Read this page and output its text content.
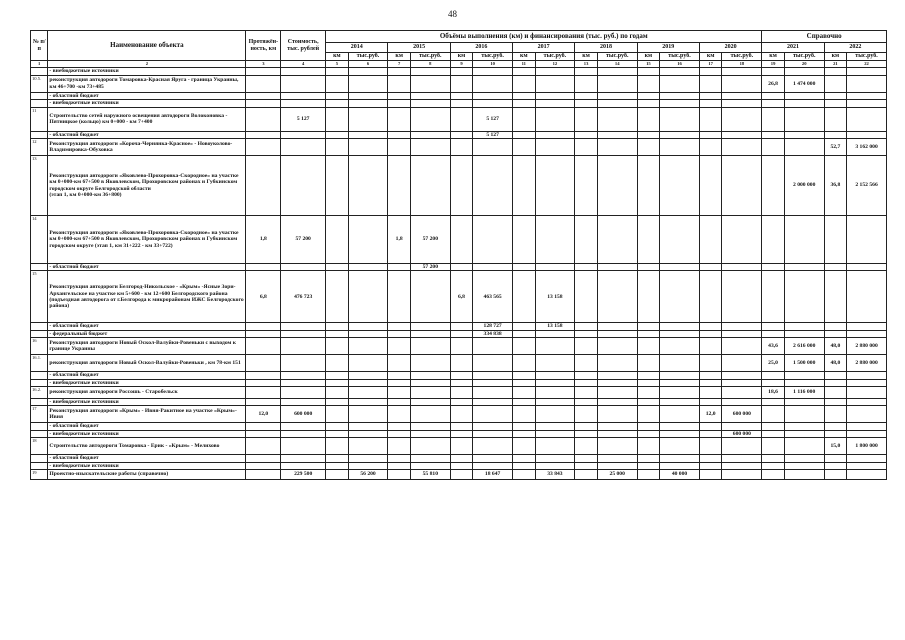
48
№ п/п	Наименование объекта	Протяжён-ность, км	Стоимость, тыс. рублей	Объёмы выполнения (км) и финансирования (тыс. руб.) по годам														Справочно			
				2014		2015		2016		2017		2018		2019		2020		2021		2022	
				км	тыс.руб.	км	тыс.руб.	км	тыс.руб.	км	тыс.руб.	км	тыс.руб.	км	тыс.руб.	км	тыс.руб.	км	тыс.руб.	км	тыс.руб.
1	2	3	4	5	6	7	8	9	10	11	12	13	14	15	16	17	18	19	20	21	22
	- внебюджетные источники																				
10.5.	реконструкция автодороги Томаровка-Красная Яруга - граница Украины, км 46+700 -км 73+485																	26,8	1 474 000		
	- областной бюджет																				
	- внебюджетные источники																				
11	Строительство сетей наружного освещения автодороги Волоконовка - Пятницкое (кольцо) км 0+000 - км 7+400		5 127						5 127												
	- областной бюджет								5 127												
12	Реконструкция автодороги «Короча-Чернянка-Красное» - Новоуколово-Владимировка-Обуховка																			52,7	3 162 000
13	Реконструкция автодороги «Яковлево-Прохоровка-Скородное» на участке км 0+000-км 67+500 в Яковлевском, Прохоровском районах и Губкинском городском округе Белгородской области
(этап 1, км 0+000-км 36+800)																		2 000 000	36,8	2 152 566
14	Реконструкция автодороги «Яковлево-Прохоровка-Скородное» на участке км 0+000-км 67+500 в Яковлевском, Прохоровском районах и Губкинском городском округе (этап 1, км 31+222 - км 33+722)	1,8	57 200			1,8	57 200														
	- областной бюджет						57 200														
15	Реконструкция автодороги Белгород-Никольское - «Крым» -Ясные Зори-Архангельское на участке км 5+600 - км 12+600 Белгородского района (подъездная автодорога от г.Белгорода к микрорайонам ИЖС Белгородского района)	6,8	476 723					6,8	463 565		13 158										
	- областной бюджет								128 727		13 158										
	- федеральный бюджет								334 838												
16	Реконструкция автодороги Новый Оскол-Валуйки-Ровеньки с выходом к границе Украины																	43,6	2 616 000	48,0	2 880 000
16.1.	реконструкция автодороги Новый Оскол-Валуйки-Ровеньки , км 78-км 151																	25,0	1 500 000	48,0	2 880 000
	- областной бюджет																				
	- внебюджетные источники																				
16.2.	реконструкция автодороги Россошь - Старобельск																	18,6	1 116 000		
	- внебюджетные источники																				
17	Реконструкция автодороги «Крым» - Ивня-Ракитное на участке «Крым»-Ивня	12,0	600 000													12,0	600 000				
	- областной бюджет																				
	- внебюджетные источники																600 000				
18	Строительство автодороги Томаровка - Ерик - «Крым» - Мелихово																			15,0	1 800 000
	- областной бюджет																				
	- внебюджетные источники																				
19	Проектно-изыскательские работы (справочно)		229 500		56 200		55 810		18 647		33 843		25 000		40 000						
